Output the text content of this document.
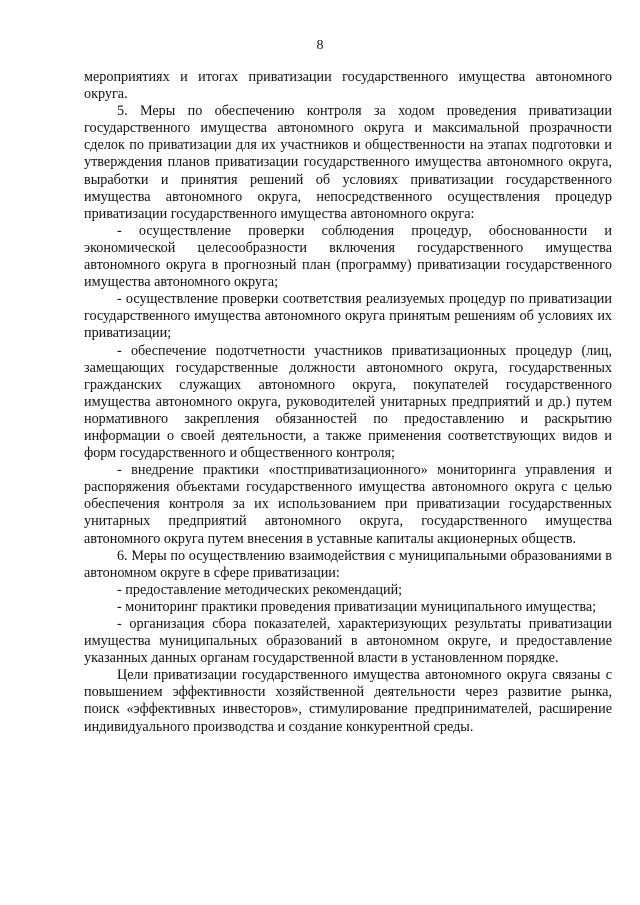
8

мероприятиях и итогах приватизации государственного имущества автономного округа.

5. Меры по обеспечению контроля за ходом проведения приватизации государственного имущества автономного округа и максимальной прозрачности сделок по приватизации для их участников и общественности на этапах подготовки и утверждения планов приватизации государственного имущества автономного округа, выработки и принятия решений об условиях приватизации государственного имущества автономного округа, непосредственного осуществления процедур приватизации государственного имущества автономного округа:

- осуществление проверки соблюдения процедур, обоснованности и экономической целесообразности включения государственного имущества автономного округа в прогнозный план (программу) приватизации государственного имущества автономного округа;

- осуществление проверки соответствия реализуемых процедур по приватизации государственного имущества автономного округа принятым решениям об условиях их приватизации;

- обеспечение подотчетности участников приватизационных процедур (лиц, замещающих государственные должности автономного округа, государственных гражданских служащих автономного округа, покупателей государственного имущества автономного округа, руководителей унитарных предприятий и др.) путем нормативного закрепления обязанностей по предоставлению и раскрытию информации о своей деятельности, а также применения соответствующих видов и форм государственного и общественного контроля;

- внедрение практики «постприватизационного» мониторинга управления и распоряжения объектами государственного имущества автономного округа с целью обеспечения контроля за их использованием при приватизации государственных унитарных предприятий автономного округа, государственного имущества автономного округа путем внесения в уставные капиталы акционерных обществ.

6. Меры по осуществлению взаимодействия с муниципальными образованиями в автономном округе в сфере приватизации:

- предоставление методических рекомендаций;

- мониторинг практики проведения приватизации муниципального имущества;

- организация сбора показателей, характеризующих результаты приватизации имущества муниципальных образований в автономном округе, и предоставление указанных данных органам государственной власти в установленном порядке.

Цели приватизации государственного имущества автономного округа связаны с повышением эффективности хозяйственной деятельности через развитие рынка, поиск «эффективных инвесторов», стимулирование предпринимателей, расширение индивидуального производства и создание конкурентной среды.
